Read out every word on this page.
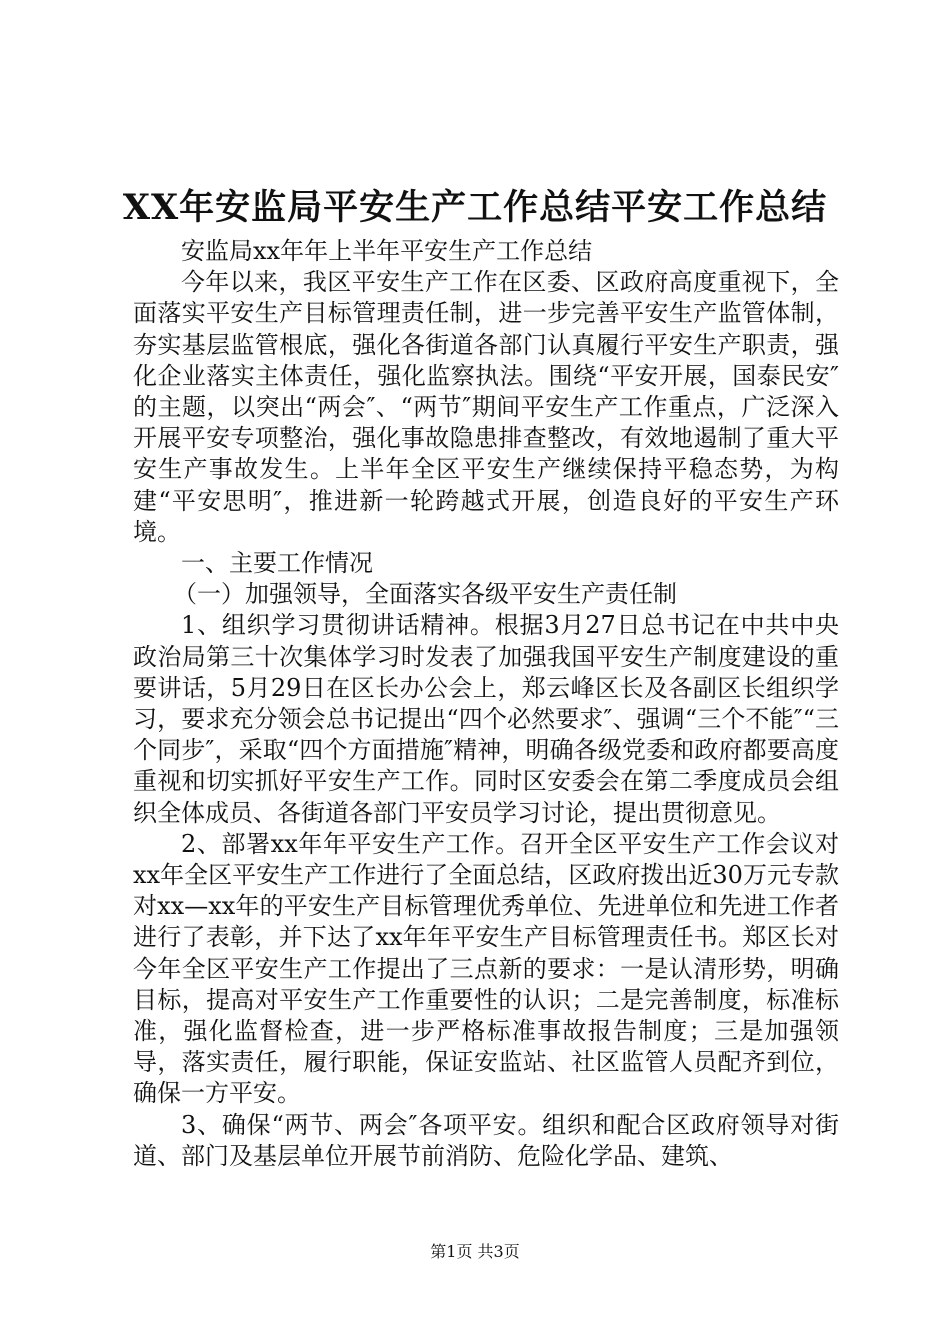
XX年安监局平安生产工作总结平安工作总结

安监局xx年年上半年平安生产工作总结

今年以来，我区平安生产工作在区委、区政府高度重视下，全面落实平安生产目标管理责任制，进一步完善平安生产监管体制，夯实基层监管根底，强化各街道各部门认真履行平安生产职责，强化企业落实主体责任，强化监察执法。围绕“平安开展，国泰民安″的主题，以突出“两会″、“两节″期间平安生产工作重点，广泛深入开展平安专项整治，强化事故隐患排查整改，有效地遏制了重大平安生产事故发生。上半年全区平安生产继续保持平稳态势，为构建“平安思明″，推进新一轮跨越式开展，创造良好的平安生产环境。

一、主要工作情况

（一）加强领导，全面落实各级平安生产责任制

1、组织学习贯彻讲话精神。根据3月27日总书记在中共中央政治局第三十次集体学习时发表了加强我国平安生产制度建设的重要讲话，5月29日在区长办公会上，郑云峰区长及各副区长组织学习，要求充分领会总书记提出“四个必然要求″、强调“三个不能″“三个同步″，采取“四个方面措施″精神，明确各级党委和政府都要高度重视和切实抓好平安生产工作。同时区安委会在第二季度成员会组织全体成员、各街道各部门平安员学习讨论，提出贯彻意见。

2、部署xx年年平安生产工作。召开全区平安生产工作会议对xx年全区平安生产工作进行了全面总结，区政府拨出近30万元专款对xx—xx年的平安生产目标管理优秀单位、先进单位和先进工作者进行了表彰，并下达了xx年年平安生产目标管理责任书。郑区长对今年全区平安生产工作提出了三点新的要求：一是认清形势，明确目标，提高对平安生产工作重要性的认识；二是完善制度，标准标准，强化监督检查，进一步严格标准事故报告制度；三是加强领导，落实责任，履行职能，保证安监站、社区监管人员配齐到位，确保一方平安。

3、确保“两节、两会″各项平安。组织和配合区政府领导对街道、部门及基层单位开展节前消防、危险化学品、建筑、

第1页 共3页
